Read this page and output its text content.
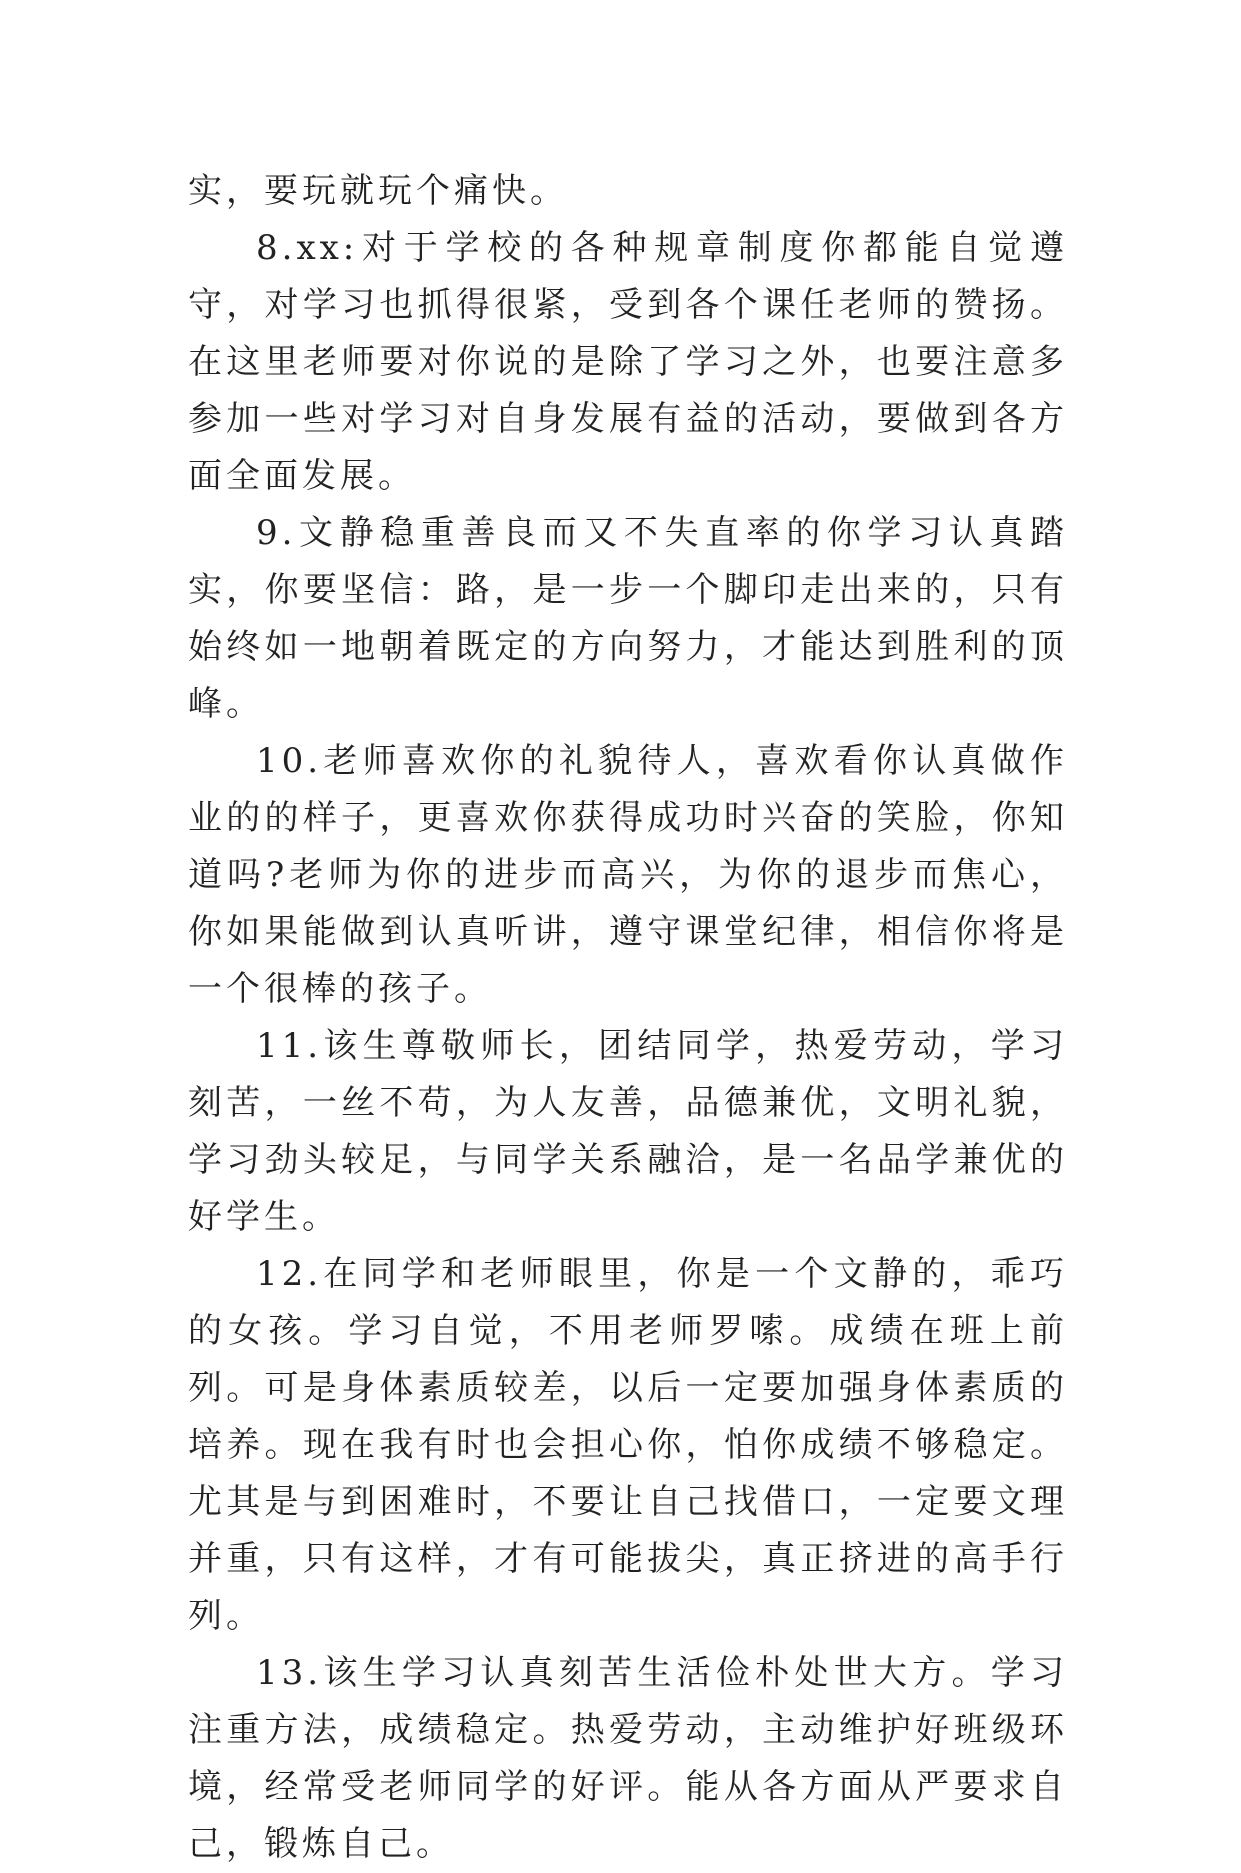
实，要玩就玩个痛快。

8.xx:对于学校的各种规章制度你都能自觉遵守，对学习也抓得很紧，受到各个课任老师的赞扬。在这里老师要对你说的是除了学习之外，也要注意多参加一些对学习对自身发展有益的活动，要做到各方面全面发展。

9.文静稳重善良而又不失直率的你学习认真踏实，你要坚信：路，是一步一个脚印走出来的，只有始终如一地朝着既定的方向努力，才能达到胜利的顶峰。

10.老师喜欢你的礼貌待人，喜欢看你认真做作业的的样子，更喜欢你获得成功时兴奋的笑脸，你知道吗?老师为你的进步而高兴，为你的退步而焦心，你如果能做到认真听讲，遵守课堂纪律，相信你将是一个很棒的孩子。

11.该生尊敬师长，团结同学，热爱劳动，学习刻苦，一丝不苟，为人友善，品德兼优，文明礼貌，学习劲头较足，与同学关系融洽，是一名品学兼优的好学生。

12.在同学和老师眼里，你是一个文静的，乖巧的女孩。学习自觉，不用老师罗嗦。成绩在班上前列。可是身体素质较差，以后一定要加强身体素质的培养。现在我有时也会担心你，怕你成绩不够稳定。尤其是与到困难时，不要让自己找借口，一定要文理并重，只有这样，才有可能拔尖，真正挤进的高手行列。

13.该生学习认真刻苦生活俭朴处世大方。学习注重方法，成绩稳定。热爱劳动，主动维护好班级环境，经常受老师同学的好评。能从各方面从严要求自己，锻炼自己。
